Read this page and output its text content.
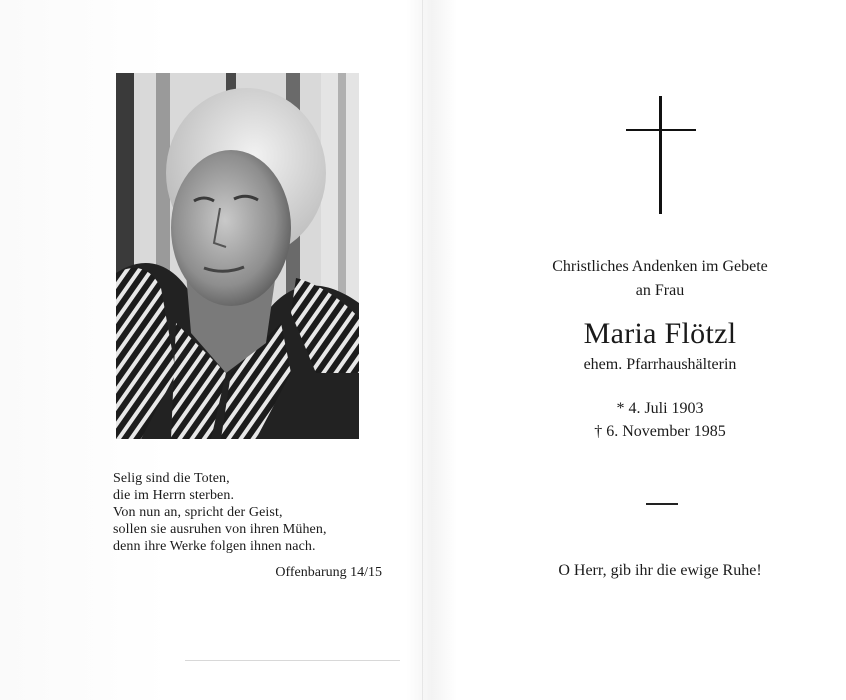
Selig sind die Toten,
die im Herrn sterben.
Von nun an, spricht der Geist,
sollen sie ausruhen von ihren Mühen,
denn ihre Werke folgen ihnen nach.
Offenbarung 14/15
Christliches Andenken im Gebete
an Frau
Maria Flötzl
ehem. Pfarrhaushälterin
* 4. Juli 1903
† 6. November 1985
O Herr, gib ihr die ewige Ruhe!
